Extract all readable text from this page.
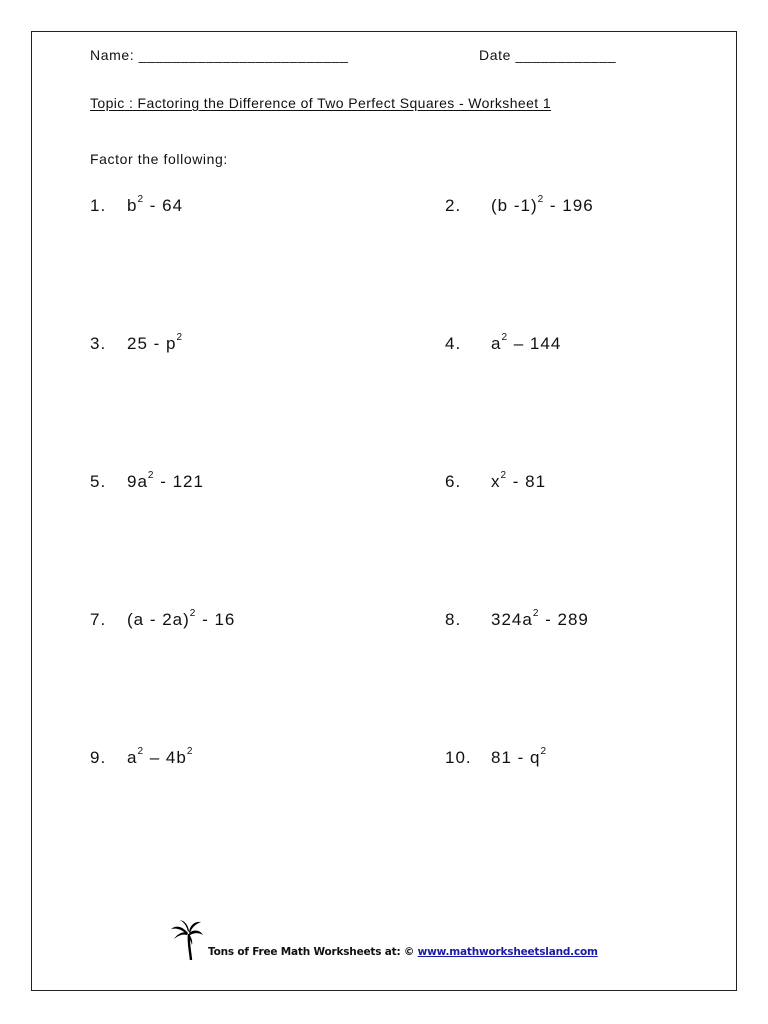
Name: _________________________	Date ____________
Topic : Factoring the Difference of Two Perfect Squares - Worksheet 1
Factor the following:
1.	$b^2 - 64$	2.	(b -1)$^2$ - 196
3.	$25 - p^2$	4.	$a^2 - 144$
5.	$9a^2 - 121$	6.	$x^2 - 81$
7.	(a - 2a)$^2$ - 16	8.	$324a^2 - 289$
9.	$a^2 - 4b^2$	10.	$81 - q^2$
Tons of Free Math Worksheets at: © www.mathworksheetsland.com
